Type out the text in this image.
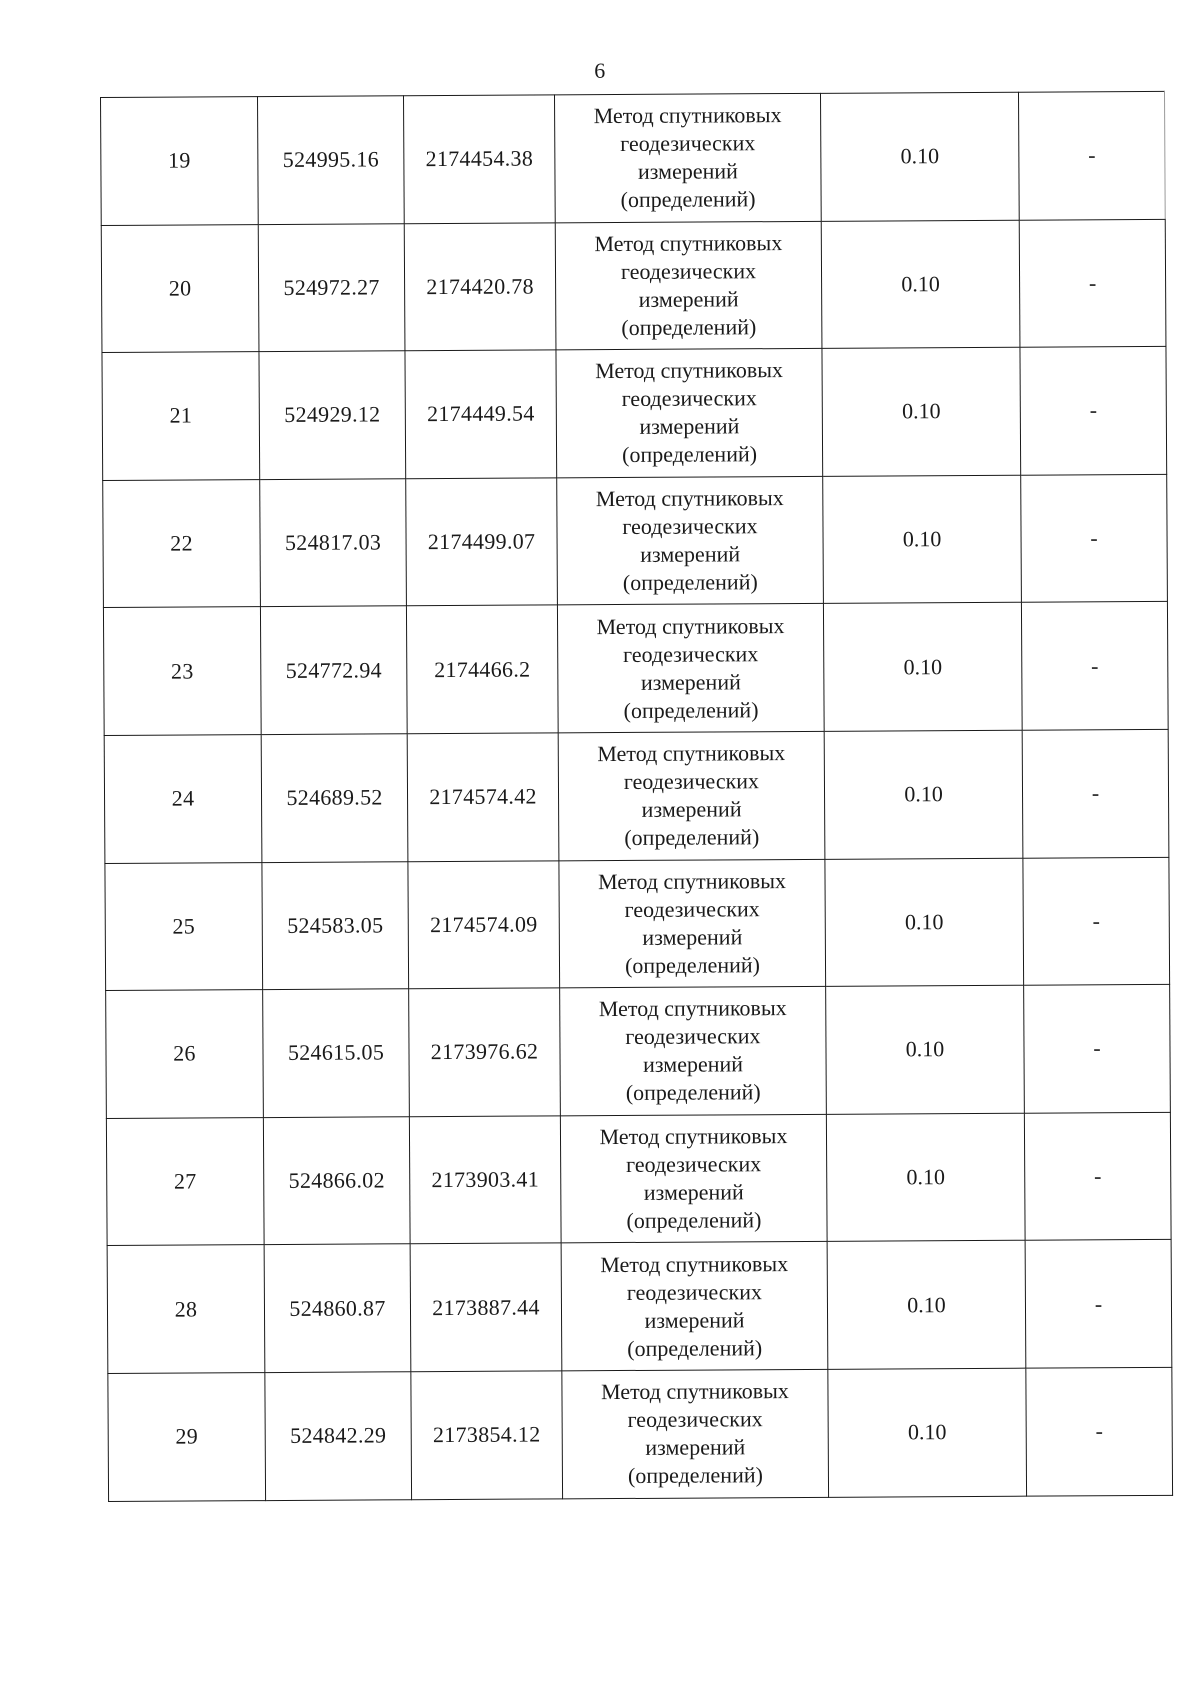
6
19	524995.16	2174454.38	Метод спутниковых
геодезических
измерений
(определений)	0.10	-
20	524972.27	2174420.78	Метод спутниковых
геодезических
измерений
(определений)	0.10	-
21	524929.12	2174449.54	Метод спутниковых
геодезических
измерений
(определений)	0.10	-
22	524817.03	2174499.07	Метод спутниковых
геодезических
измерений
(определений)	0.10	-
23	524772.94	2174466.2	Метод спутниковых
геодезических
измерений
(определений)	0.10	-
24	524689.52	2174574.42	Метод спутниковых
геодезических
измерений
(определений)	0.10	-
25	524583.05	2174574.09	Метод спутниковых
геодезических
измерений
(определений)	0.10	-
26	524615.05	2173976.62	Метод спутниковых
геодезических
измерений
(определений)	0.10	-
27	524866.02	2173903.41	Метод спутниковых
геодезических
измерений
(определений)	0.10	-
28	524860.87	2173887.44	Метод спутниковых
геодезических
измерений
(определений)	0.10	-
29	524842.29	2173854.12	Метод спутниковых
геодезических
измерений
(определений)	0.10	-
